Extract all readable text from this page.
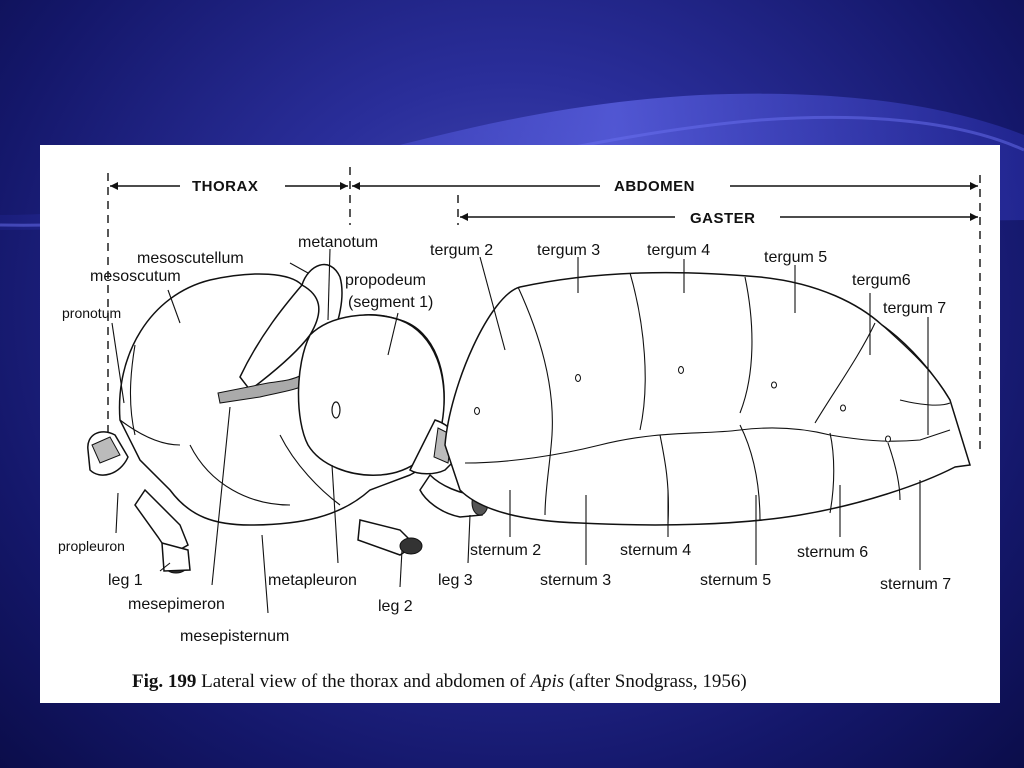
THORAX	ABDOMEN
GASTER
mesoscutellum
metanotum
mesoscutum	propodeum
(segment 1)
pronotum
propleuron
leg 1
mesepimeron
mesepisternum
metapleuron
leg 2
leg 3
tergum 2	tergum 3	tergum 4	tergum 5
tergum6
tergum 7
sternum 2
sternum 3
sternum 4
sternum 5
sternum 6
sternum 7
Fig. 199 Lateral view of the thorax and abdomen of Apis (after Snodgrass, 1956)
